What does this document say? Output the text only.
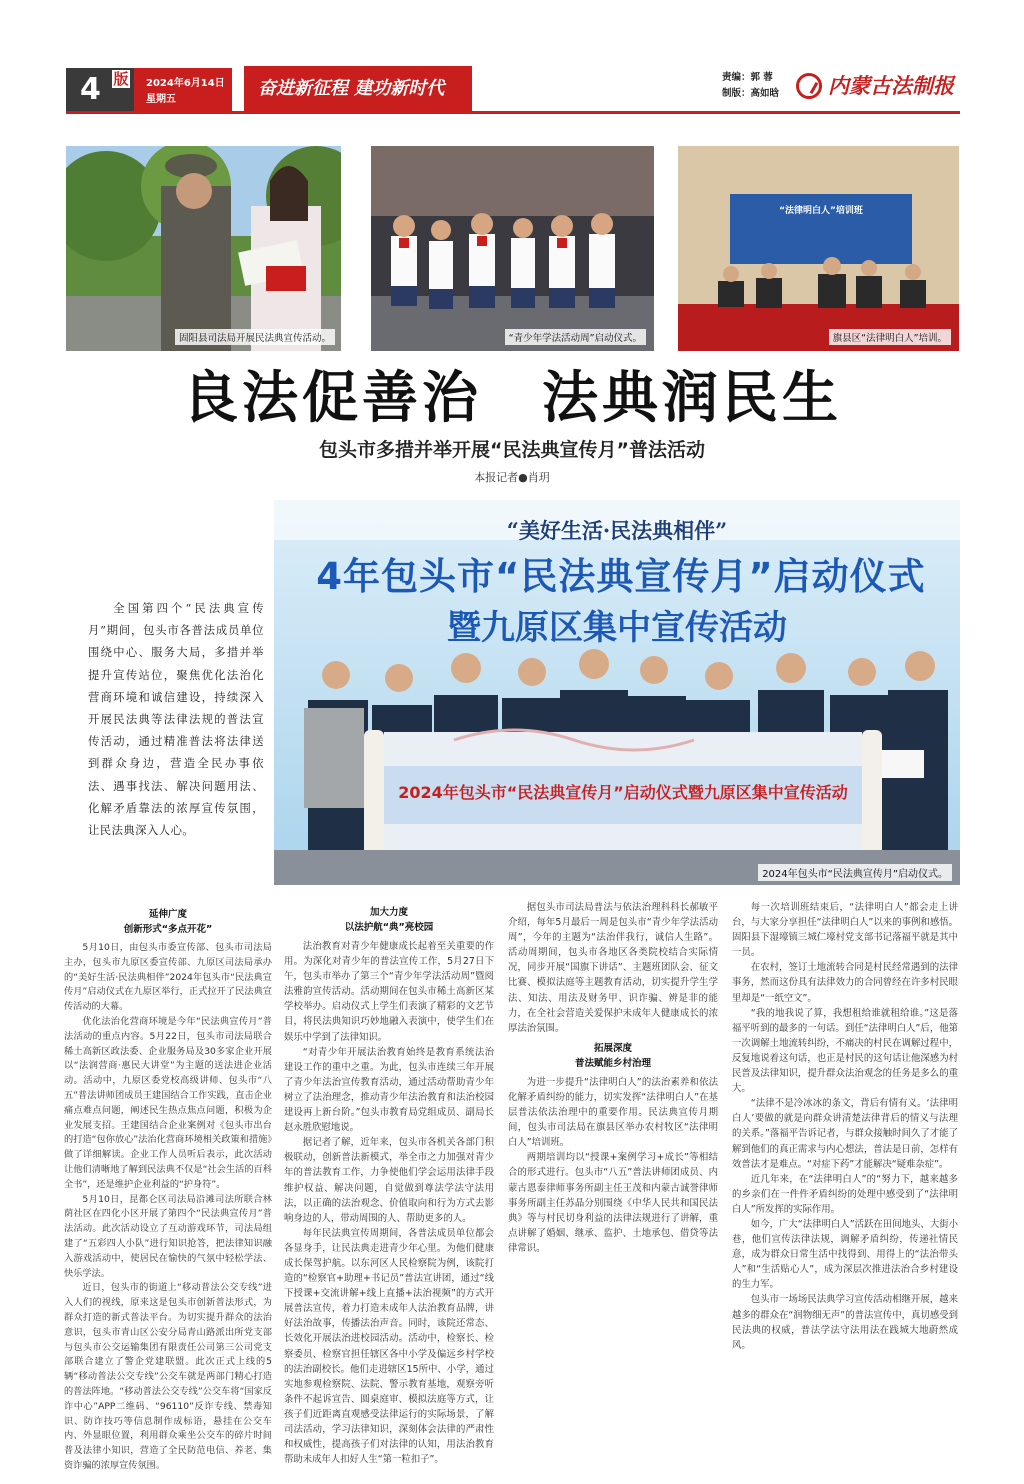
4 版 2024年6月14日
星期五
奋进新征程 建功新时代
责编：郭 蓉
制版：高如晗 内蒙古法制报
固阳县司法局开展民法典宣传活动。	“青少年学法活动周”启动仪式。
“法律明白人”培训班
旗县区“法律明白人”培训。
良法促善治　法典润民生
包头市多措并举开展“民法典宣传月”普法活动
本报记者●肖玥
“美好生活·民法典相伴”
4年包头市“民法典宣传月”启动仪式
暨九原区集中宣传活动
2024年包头市“民法典宣传月”启动仪式暨九原区集中宣传活动
2024年包头市“民法典宣传月”启动仪式。
全国第四个“民法典宣传月”期间，包头市各普法成员单位围绕中心、服务大局，多措并举提升宣传站位，聚焦优化法治化营商环境和诚信建设，持续深入开展民法典等法律法规的普法宣传活动，通过精准普法将法律送到群众身边，营造全民办事依法、遇事找法、解决问题用法、化解矛盾靠法的浓厚宣传氛围，让民法典深入人心。
延伸广度
创新形式“多点开花”

5月10日，由包头市委宣传部、包头市司法局主办，包头市九原区委宣传部、九原区司法局承办的“美好生活·民法典相伴”2024年包头市“民法典宣传月”启动仪式在九原区举行，正式拉开了民法典宣传活动的大幕。

优化法治化营商环境是今年“民法典宣传月”普法活动的重点内容。5月22日，包头市司法局联合稀土高新区政法委、企业服务局及30多家企业开展以“法润营商·惠民大讲堂”为主题的送法进企业活动。活动中，九原区委党校高级讲师、包头市“八五”普法讲师团成员王建国结合工作实践，直击企业痛点难点问题，阐述民生热点焦点问题，积极为企业发展支招。王建国结合企业案例对《包头市出台的打造“包你放心”法治化营商环境相关政策和措施》做了详细解读。企业工作人员听后表示，此次活动让他们清晰地了解到民法典不仅是“社会生活的百科全书”，还是维护企业利益的“护身符”。

5月10日，昆都仑区司法局沿滩司法所联合林荫社区在四化小区开展了第四个“民法典宣传月”普法活动。此次活动设立了互动游戏环节，司法局组建了“五彩四人小队”进行知识抢答，把法律知识融入游戏活动中，使居民在愉快的气氛中轻松学法、快乐学法。

近日，包头市的街道上“移动普法公交专线”进入人们的视线，原来这是包头市创新普法形式，为群众打造的新式普法平台。为切实提升群众的法治意识，包头市青山区公安分局青山路派出所党支部与包头市公交运输集团有限责任公司第三公司党支部联合建立了警企党建联盟。此次正式上线的5辆“移动普法公交专线”公交车就是两部门精心打造的普法阵地。“移动普法公交专线”公交车将“国家反诈中心”APP二维码、“96110”反诈专线、禁毒知识、防诈技巧等信息制作成标语，悬挂在公交车内、外显眼位置，利用群众乘坐公交车的碎片时间普及法律小知识，营造了全民防范电信、养老、集资诈骗的浓厚宣传氛围。

加大力度
以法护航“典”亮校园

法治教育对青少年健康成长起着至关重要的作用。为深化对青少年的普法宣传工作，5月27日下午，包头市举办了第三个“青少年学法活动周”暨阅法雅韵宣传活动。活动期间在包头市稀土高新区某学校举办。启动仪式上学生们表演了精彩的文艺节目，将民法典知识巧妙地融入表演中，使学生们在娱乐中学到了法律知识。

“对青少年开展法治教育始终是教育系统法治建设工作的重中之重。为此，包头市连续三年开展了青少年法治宣传教育活动，通过活动帮助青少年树立了法治理念，推动青少年法治教育和法治校园建设再上新台阶。”包头市教育局党组成员、副局长赵永胜欣慰地说。

据记者了解，近年来，包头市各机关各部门积极联动，创新普法新模式，举全市之力加强对青少年的普法教育工作，力争使他们学会运用法律手段维护权益、解决问题，自觉做到尊法学法守法用法，以正确的法治观念、价值取向和行为方式去影响身边的人，带动周围的人、帮助更多的人。

每年民法典宣传周期间，各普法成员单位都会各显身手，让民法典走进青少年心里。为他们健康成长保驾护航。以东河区人民检察院为例，该院打造的“检察官+助理+书记员”普法宣讲团，通过“线下授课+交流讲解+线上直播+法治视频”的方式开展普法宣传，着力打造未成年人法治教育品牌，讲好法治故事，传播法治声音。同时，该院还常态、长效化开展法治进校园活动。活动中，检察长、检察委员、检察官担任辖区各中小学及偏远乡村学校的法治副校长。他们走进辖区15所中、小学，通过实地参观检察院、法院、警示教育基地，观察旁听条件不起诉宣告、圆桌庭审、模拟法庭等方式，让孩子们近距离直观感受法律运行的实际场景，了解司法活动，学习法律知识，深刻体会法律的严肃性和权威性，提高孩子们对法律的认知，用法治教育帮助未成年人扣好人生“第一粒扣子”。

据包头市司法局普法与依法治理科科长郝敏平介绍，每年5月最后一周是包头市“青少年学法活动周”，今年的主题为“法治伴我行，诚信人生路”。活动周期间，包头市各地区各类院校结合实际情况，同步开展“国旗下讲话”、主题班团队会、征文比赛、模拟法庭等主题教育活动，切实提升学生学法、知法、用法及财务甲、识诈骗、辨是非的能力，在全社会营造关爱保护未成年人健康成长的浓厚法治氛围。

拓展深度
普法赋能乡村治理

为进一步提升“法律明白人”的法治素养和依法化解矛盾纠纷的能力，切实发挥“法律明白人”在基层普法依法治理中的重要作用。民法典宣传月期间，包头市司法局在旗县区举办农村牧区“法律明白人”培训班。

两期培训均以“授课+案例学习+成长”等相结合的形式进行。包头市“八五”普法讲师团成员、内蒙古恩泰律师事务所副主任王茂和内蒙古诚誉律师事务所副主任苏晶分别围绕《中华人民共和国民法典》等与村民切身利益的法律法规进行了讲解，重点讲解了婚姻、继承、监护、土地承包、借贷等法律常识。

每一次培训班结束后，“法律明白人”都会走上讲台，与大家分享担任“法律明白人”以来的事例和感悟。固阳县下湿壕镇三城仁壕村党支部书记落福平就是其中一员。

在农村，签订土地流转合同是村民经常遇到的法律事务，然而这份具有法律效力的合同曾经在许多村民眼里却是“一纸空文”。

“我的地我说了算，我想租给谁就租给谁。”这是落福平听到的最多的一句话。到任“法律明白人”后，他第一次调解土地流转纠纷，不痛决的村民在调解过程中，反复地说着这句话，也正是村民的这句话让他深感为村民普及法律知识，提升群众法治观念的任务是多么的重大。

“法律不是冷冰冰的条文，背后有情有义。‘法律明白人’要做的就是向群众讲清楚法律背后的情义与法理的关系。”落福平告诉记者，与群众接触时间久了才能了解到他们的真正需求与内心想法，普法是日前，怎样有效普法才是难点。“对症下药”才能解决“疑难杂症”。

近几年来，在“法律明白人”的“努力下，越来越多的乡亲们在一件件矛盾纠纷的处理中感受到了“法律明白人”所发挥的实际作用。

如今，广大“法律明白人”活跃在田间地头、大街小巷，他们宣传法律法规，调解矛盾纠纷，传递社情民意，成为群众日常生活中找得到、用得上的“法治带头人”和“生活贴心人”，成为深层次推进法治合乡村建设的生力军。

包头市一场场民法典学习宣传活动相继开展，越来越多的群众在“润物细无声”的普法宣传中，真切感受到民法典的权威，普法学法守法用法在践城大地蔚然成风。
